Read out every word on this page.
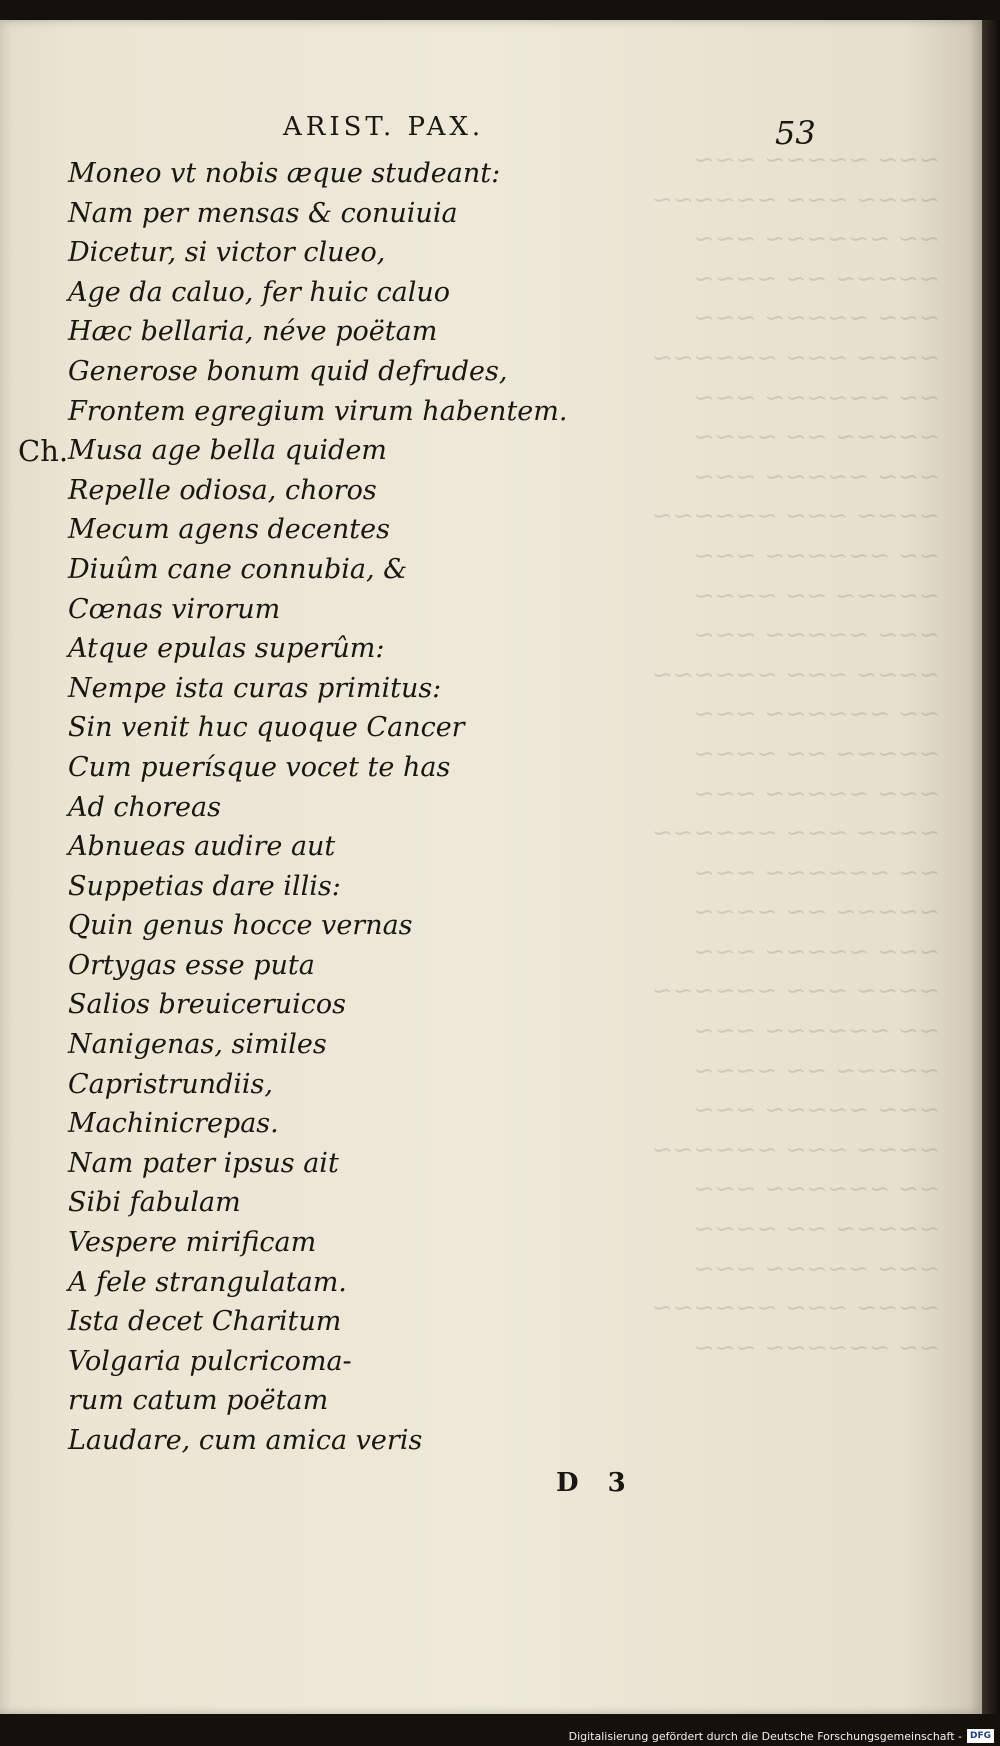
~~~ ~~~~~ ~~~
~~~~ ~~~ ~~~~~~
~~ ~~~~~~ ~~~
~~~~~ ~~ ~~~~
~~~ ~~~~~ ~~~
~~~~ ~~~ ~~~~~~
~~ ~~~~~~ ~~~
~~~~~ ~~ ~~~~
~~~ ~~~~~ ~~~
~~~~ ~~~ ~~~~~~
~~ ~~~~~~ ~~~
~~~~~ ~~ ~~~~
~~~ ~~~~~ ~~~
~~~~ ~~~ ~~~~~~
~~ ~~~~~~ ~~~
~~~~~ ~~ ~~~~
~~~ ~~~~~ ~~~
~~~~ ~~~ ~~~~~~
~~ ~~~~~~ ~~~
~~~~~ ~~ ~~~~
~~~ ~~~~~ ~~~
~~~~ ~~~ ~~~~~~
~~ ~~~~~~ ~~~
~~~~~ ~~ ~~~~
~~~ ~~~~~ ~~~
~~~~ ~~~ ~~~~~~
~~ ~~~~~~ ~~~
~~~~~ ~~ ~~~~
~~~ ~~~~~ ~~~
~~~~ ~~~ ~~~~~~
~~ ~~~~~~ ~~~
ARIST. PAX.	53
Ch.
Moneo vt nobis æque studeant:
Nam per mensas & conuiuia
Dicetur, si victor clueo,
Age da caluo, fer huic caluo
Hæc bellaria, néve poëtam
Generose bonum quid defrudes,
Frontem egregium virum habentem.
Musa age bella quidem
Repelle odiosa, choros
Mecum agens decentes
Diuûm cane connubia, &
Cœnas virorum
Atque epulas superûm:
Nempe ista curas primitus:
Sin venit huc quoque Cancer
Cum puerísque vocet te has
Ad choreas
Abnueas audire aut
Suppetias dare illis:
Quin genus hocce vernas
Ortygas esse puta
Salios breuiceruicos
Nanigenas, similes
Capristrundiis,
Machinicrepas.
Nam pater ipsus ait
Sibi fabulam
Vespere mirificam
A fele strangulatam.
Ista decet Charitum
Volgaria pulcricoma-
rum catum poëtam
Laudare, cum amica veris
D 3
Digitalisierung gefördert durch die Deutsche Forschungsgemeinschaft - DFG
